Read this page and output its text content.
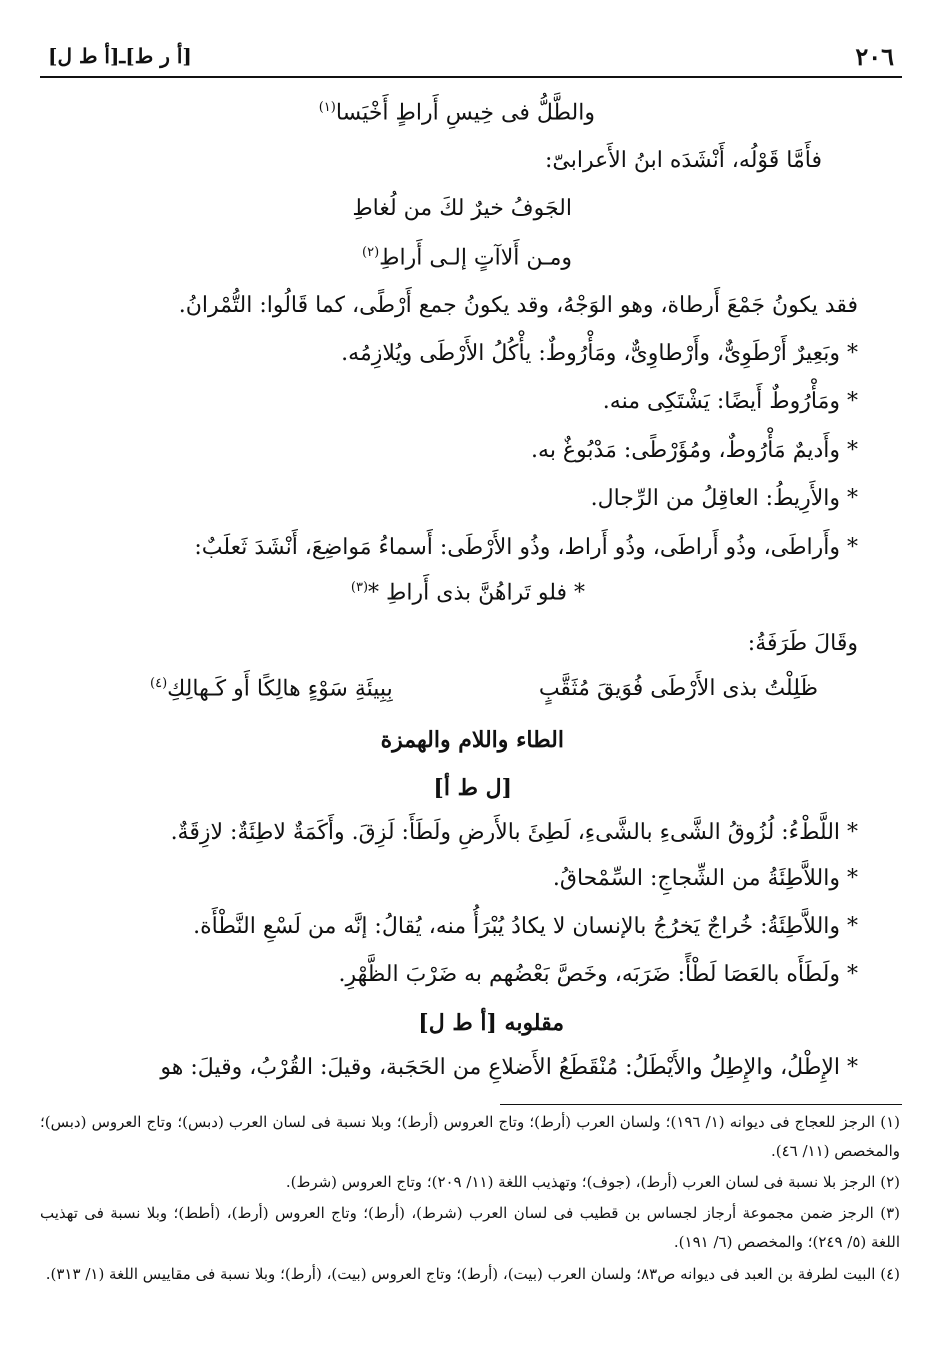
٢٠٦
[أ ر ط]ـ[أ ط ل]
والطَّلُّ فى خِيسِ أَراطٍ أَخْيَسا$^{(١)}$
فأَمَّا قَوْلُه، أَنْشَدَه ابنُ الأَعرابىّ:
الجَوفُ خيرٌ لكَ من لُغاطِ
ومـن أَلاآتٍ إلـى أَراطِ$^{(٢)}$
فقد يكونُ جَمْعَ أَرطاة، وهو الوَجْهُ، وقد يكونُ جمع أَرْطًى، كما قَالُوا: التُّمْرانُ.
* وبَعِيرٌ أَرْطَوِىٌّ، وأَرْطاوِىٌّ، ومَأْرُوطٌ: يأْكُلُ الأَرْطَى ويُلازِمُه.
* ومَأْرُوطٌ أَيضًا: يَشْتَكِى منه.
* وأَديمٌ مَأْرُوطٌ، ومُؤَرْطًى: مَدْبُوغٌ به.
* والأَرِيطُ: العاقِلُ من الرِّجال.
* وأَراطَى، وذُو أَراطَى، وذُو أَراط، وذُو الأَرْطَى: أَسماءُ مَواضِعَ، أَنْشَدَ ثَعلَبٌ:
* فلو تَراهُنَّ بذى أَراطِ *$^{(٣)}$
وقَالَ طَرَفَةُ:
ظَلِلْتُ بذى الأَرْطَى فُوَيقَ مُثَقَّبٍ
بِبِيئَةِ سَوْءٍ هالِكًا أَو كَـهالِكِ$^{(٤)}$
الطاء واللام والهمزة
[ل ط أ]
* اللَّطْءُ: لُزُوقُ الشَّىءِ بالشَّىءِ، لَطِئَ بالأَرضِ ولَطَأَ: لَزِقَ. وأَكَمَةٌ لاطِئَةٌ: لازِقَةٌ.
* واللاَّطِئَةُ من الشِّجاجِ: السِّمْحاقُ.
* واللاَّطِئَةُ: خُراجٌ يَخرُجُ بالإنسان لا يكادُ يُبْرَأُ منه، يُقالُ: إنَّه من لَسْعِ النَّطْأَة.
* ولَطَأَه بالعَصَا لَطْأً: ضَرَبَه، وخَصَّ بَعْضُهم به ضَرْبَ الظَّهْرِ.
مقلوبه [أ ط ل]
* الإِطْلُ، والإِطِلُ والأَيْطَلُ: مُنْقَطَعُ الأَضلاعِ من الحَجَبة، وقيلَ: القُرْبُ، وقيلَ: هو
(١) الرجز للعجاج فى ديوانه (١/ ١٩٦)؛ ولسان العرب (أرط)؛ وتاج العروس (أرط)؛ وبلا نسبة فى لسان العرب (دبس)؛ وتاج العروس (دبس)؛ والمخصص (١١/ ٤٦).
(٢) الرجز بلا نسبة فى لسان العرب (أرط)، (جوف)؛ وتهذيب اللغة (١١/ ٢٠٩)؛ وتاج العروس (شرط).
(٣) الرجز ضمن مجموعة أرجاز لجساس بن قطيب فى لسان العرب (شرط)، (أرط)؛ وتاج العروس (أرط)، (أطط)؛ وبلا نسبة فى تهذيب اللغة (٥/ ٢٤٩)؛ والمخصص (٦/ ١٩١).
(٤) البيت لطرفة بن العبد فى ديوانه ص٨٣؛ ولسان العرب (بيت)، (أرط)؛ وتاج العروس (بيت)، (أرط)؛ وبلا نسبة فى مقاييس اللغة (١/ ٣١٣).
